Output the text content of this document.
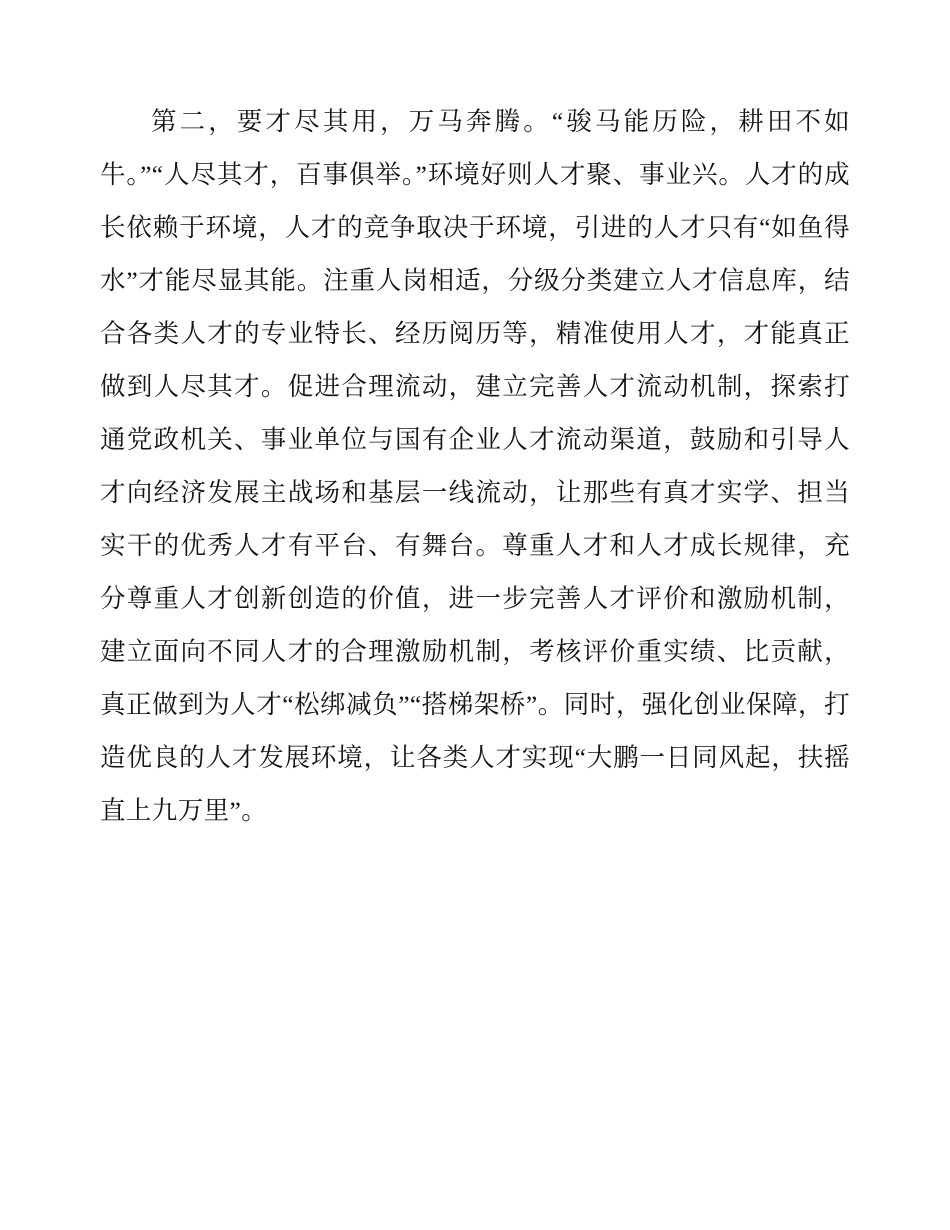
第二，要才尽其用，万马奔腾。“骏马能历险，耕田不如牛。”“人尽其才，百事俱举。”环境好则人才聚、事业兴。人才的成长依赖于环境，人才的竞争取决于环境，引进的人才只有“如鱼得水”才能尽显其能。注重人岗相适，分级分类建立人才信息库，结合各类人才的专业特长、经历阅历等，精准使用人才，才能真正做到人尽其才。促进合理流动，建立完善人才流动机制，探索打通党政机关、事业单位与国有企业人才流动渠道，鼓励和引导人才向经济发展主战场和基层一线流动，让那些有真才实学、担当实干的优秀人才有平台、有舞台。尊重人才和人才成长规律，充分尊重人才创新创造的价值，进一步完善人才评价和激励机制，建立面向不同人才的合理激励机制，考核评价重实绩、比贡献，真正做到为人才“松绑减负”“搭梯架桥”。同时，强化创业保障，打造优良的人才发展环境，让各类人才实现“大鹏一日同风起，扶摇直上九万里”。
